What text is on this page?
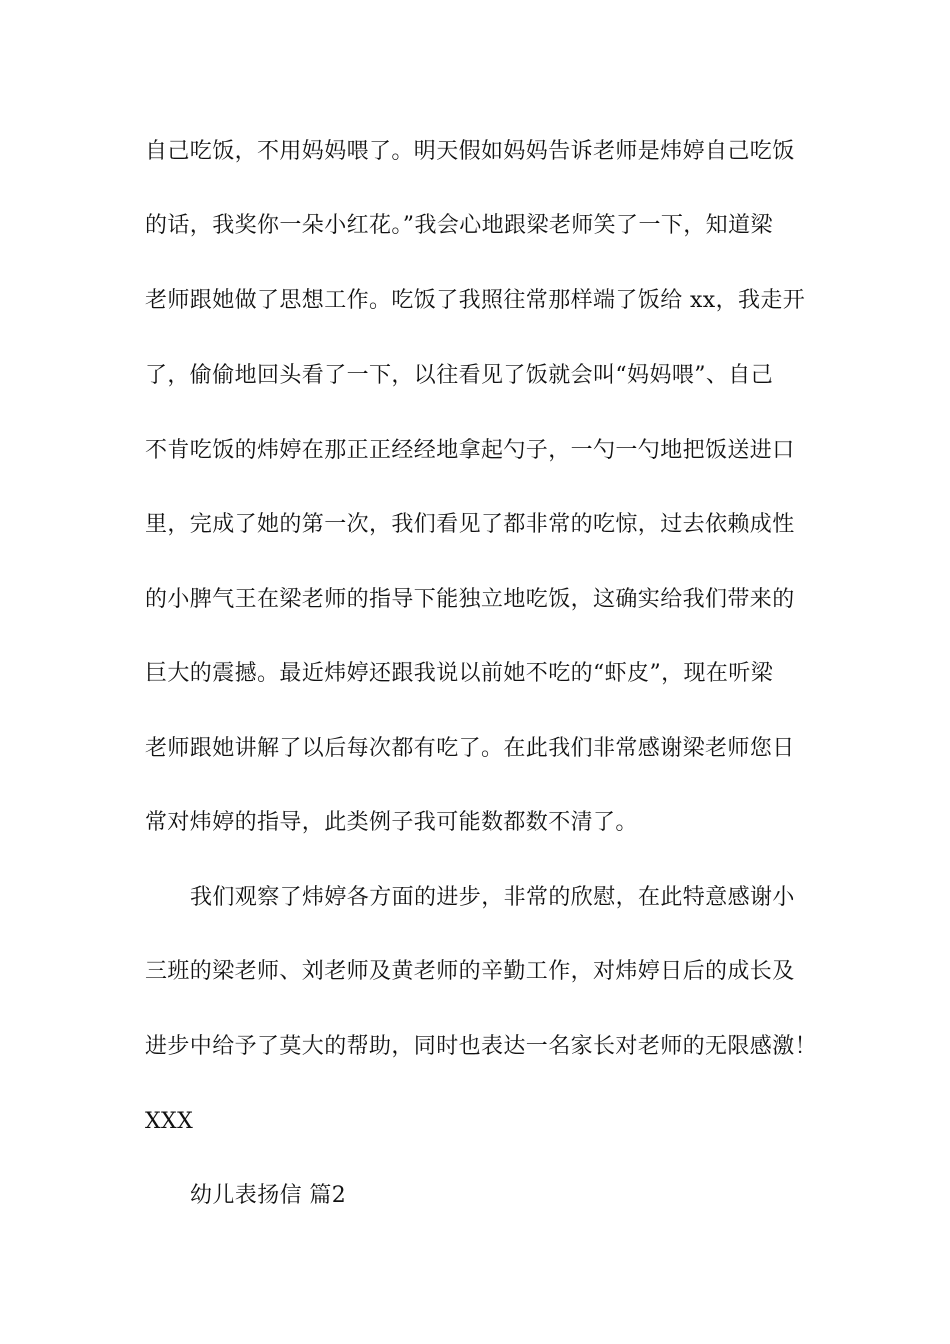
自己吃饭，不用妈妈喂了。明天假如妈妈告诉老师是炜婷自己吃饭
的话，我奖你一朵小红花。”我会心地跟梁老师笑了一下，知道梁
老师跟她做了思想工作。吃饭了我照往常那样端了饭给 xx，我走开
了，偷偷地回头看了一下，以往看见了饭就会叫“妈妈喂”、自己
不肯吃饭的炜婷在那正正经经地拿起勺子，一勺一勺地把饭送进口
里，完成了她的第一次，我们看见了都非常的吃惊，过去依赖成性
的小脾气王在梁老师的指导下能独立地吃饭，这确实给我们带来的
巨大的震撼。最近炜婷还跟我说以前她不吃的“虾皮”，现在听梁
老师跟她讲解了以后每次都有吃了。在此我们非常感谢梁老师您日
常对炜婷的指导，此类例子我可能数都数不清了。
我们观察了炜婷各方面的进步，非常的欣慰，在此特意感谢小
三班的梁老师、刘老师及黄老师的辛勤工作，对炜婷日后的成长及
进步中给予了莫大的帮助，同时也表达一名家长对老师的无限感激！
XXX
幼儿表扬信 篇2
